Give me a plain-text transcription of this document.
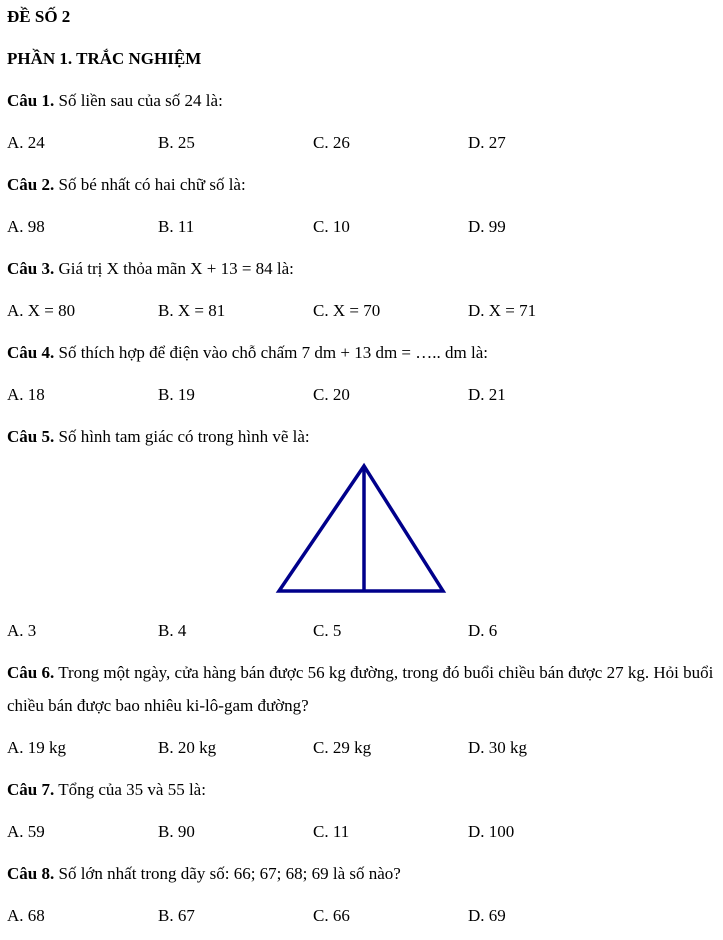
ĐỀ SỐ 2

PHẦN 1. TRẮC NGHIỆM

Câu 1. Số liền sau của số 24 là:

A. 24	B. 25	C. 26	D. 27

Câu 2. Số bé nhất có hai chữ số là:

A. 98	B. 11	C. 10	D. 99

Câu 3. Giá trị X thỏa mãn X + 13 = 84 là:

A. X = 80	B. X = 81	C. X = 70	D. X = 71

Câu 4. Số thích hợp để điện vào chỗ chấm 7 dm + 13 dm = ….. dm là:

A. 18	B. 19	C. 20	D. 21

Câu 5. Số hình tam giác có trong hình vẽ là:

A. 3	B. 4	C. 5	D. 6

Câu 6. Trong một ngày, cửa hàng bán được 56 kg đường, trong đó buổi chiều bán được 27 kg. Hỏi buổi chiều bán được bao nhiêu ki-lô-gam đường?

A. 19 kg	B. 20 kg	C. 29 kg	D. 30 kg

Câu 7. Tổng của 35 và 55 là:

A. 59	B. 90	C. 11	D. 100

Câu 8. Số lớn nhất trong dãy số: 66; 67; 68; 69 là số nào?

A. 68	B. 67	C. 66	D. 69
